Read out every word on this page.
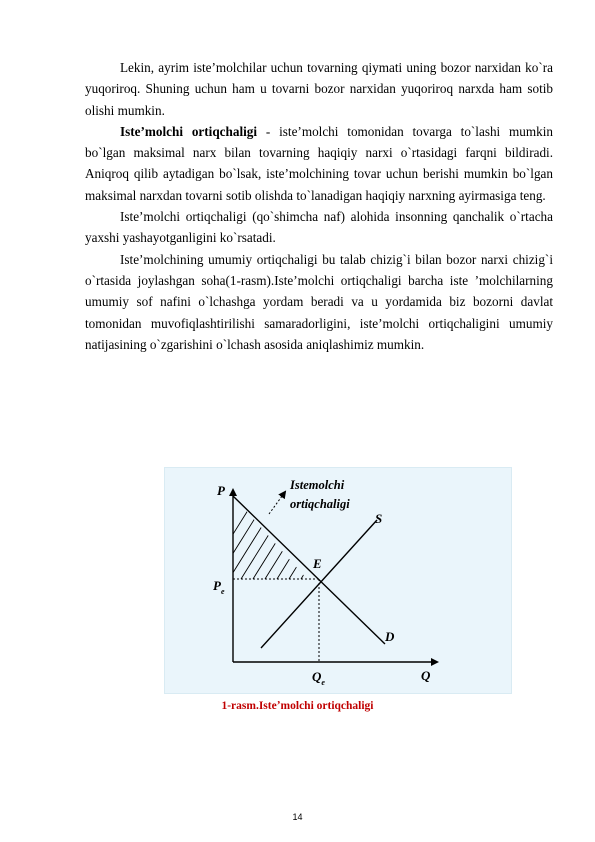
Lekin, ayrim isteʼmolchilar uchun tovarning qiymati uning bozor narxidan ko`ra yuqoriroq. Shuning uchun ham u tovarni bozor narxidan yuqoriroq narxda ham sotib olishi mumkin.

Isteʼmolchi ortiqchaligi - isteʼmolchi tomonidan tovarga to`lashi mumkin bo`lgan maksimal narx bilan tovarning haqiqiy narxi o`rtasidagi farqni bildiradi. Aniqroq qilib aytadigan bo`lsak, isteʼmolchining tovar uchun berishi mumkin bo`lgan maksimal narxdan tovarni sotib olishda to`lanadigan haqiqiy narxning ayirmasiga teng.

Isteʼmolchi ortiqchaligi (qo`shimcha naf) alohida insonning qanchalik o`rtacha yaxshi yashayotganligini ko`rsatadi.

Isteʼmolchining umumiy ortiqchaligi bu talab chizig`i bilan bozor narxi chizig`i o`rtasida joylashgan soha(1-rasm).Isteʼmolchi ortiqchaligi barcha iste ʼmolchilarning umumiy sof nafini o`lchashga yordam beradi va u yordamida biz bozorni davlat tomonidan muvofiqlashtirilishi samaradorligini, isteʼmolchi ortiqchaligini umumiy natijasining o`zgarishini o`lchash asosida aniqlashimiz mumkin.

P
Q
S
D
E
Istemolchi
ortiqchaligi
$P_e$
$Q_e$
1-rasm.Isteʼmolchi ortiqchaligi
14
